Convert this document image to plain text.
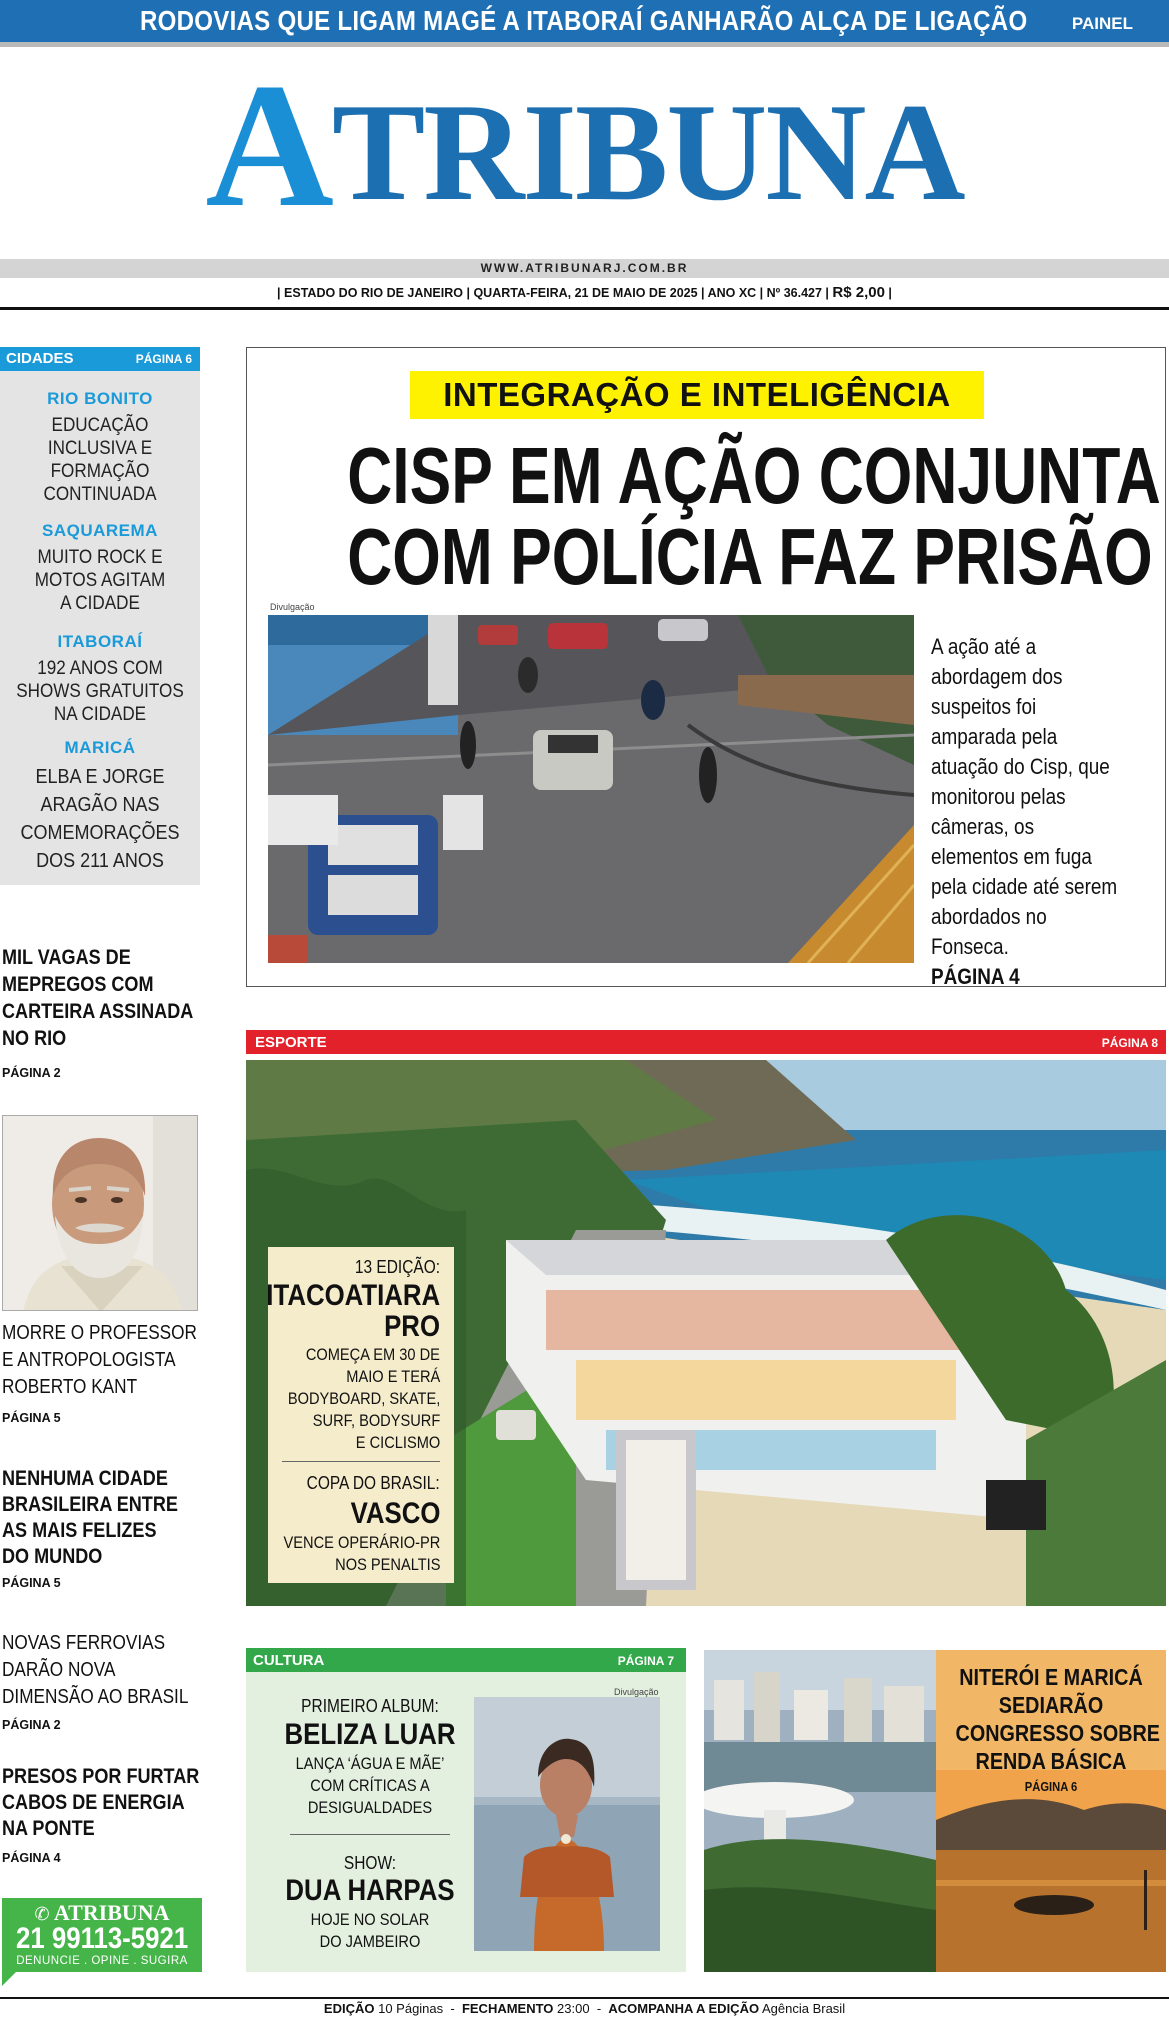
RODOVIAS QUE LIGAM MAGÉ A ITABORAÍ GANHARÃO ALÇA DE LIGAÇÃO	PAINEL
ATRIBUNA
WWW.ATRIBUNARJ.COM.BR
| ESTADO DO RIO DE JANEIRO | QUARTA-FEIRA, 21 DE MAIO DE 2025 | ANO XC | Nº 36.427 | R$ 2,00 |
CIDADES	PÁGINA 6
RIO BONITO
EDUCAÇÃO
INCLUSIVA E
FORMAÇÃO
CONTINUADA
SAQUAREMA
MUITO ROCK E
MOTOS AGITAM
A CIDADE
ITABORAÍ
192 ANOS COM
SHOWS GRATUITOS
NA CIDADE
MARICÁ
ELBA E JORGE
ARAGÃO NAS
COMEMORAÇÕES
DOS 211 ANOS
MIL VAGAS DE
MEPREGOS COM
CARTEIRA ASSINADA
NO RIO
PÁGINA 2
MORRE O PROFESSOR
E ANTROPOLOGISTA
ROBERTO KANT
PÁGINA 5
NENHUMA CIDADE
BRASILEIRA ENTRE
AS MAIS FELIZES
DO MUNDO
PÁGINA 5
NOVAS FERROVIAS
DARÃO NOVA
DIMENSÃO AO BRASIL
PÁGINA 2
PRESOS POR FURTAR
CABOS DE ENERGIA
NA PONTE
PÁGINA 4
✆ ATRIBUNA
21 99113-5921
DENUNCIE . OPINE . SUGIRA
INTEGRAÇÃO E INTELIGÊNCIA
CISP EM AÇÃO CONJUNTA
COM POLÍCIA FAZ PRISÃO
Divulgação
A ação até a abordagem dos suspeitos foi amparada pela atuação do Cisp, que monitorou pelas câmeras, os elementos em fuga pela cidade até serem abordados no Fonseca.
PÁGINA 4
ESPORTE	PÁGINA 8
13 EDIÇÃO:
ITACOATIARA
PRO
COMEÇA EM 30 DE
MAIO E TERÁ
BODYBOARD, SKATE,
SURF, BODYSURF
E CICLISMO
COPA DO BRASIL:
VASCO
VENCE OPERÁRIO-PR
NOS PENALTIS
CULTURA	PÁGINA 7
PRIMEIRO ALBUM:
BELIZA LUAR
LANÇA ‘ÁGUA E MÃE’
COM CRÍTICAS A
DESIGUALDADES
SHOW:
DUA HARPAS
HOJE NO SOLAR
DO JAMBEIRO
Divulgação
NITERÓI E MARICÁ
SEDIARÃO
CONGRESSO SOBRE
RENDA BÁSICA
PÁGINA 6
EDIÇÃO 10 Páginas  -  FECHAMENTO 23:00  -  ACOMPANHA A EDIÇÃO Agência Brasil
